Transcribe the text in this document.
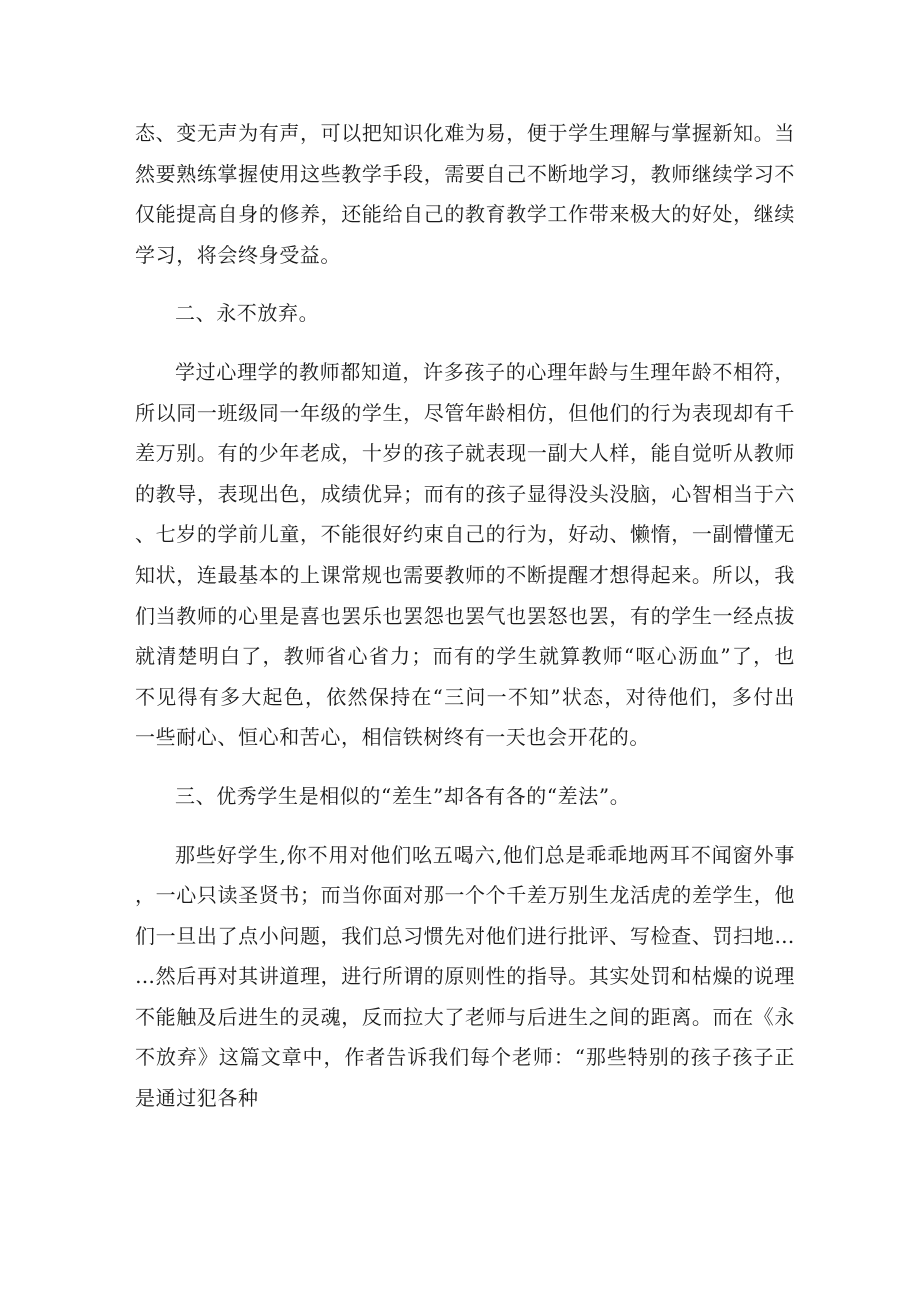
态、变无声为有声，可以把知识化难为易，便于学生理解与掌握新知。当然要熟练掌握使用这些教学手段，需要自己不断地学习，教师继续学习不仅能提高自身的修养，还能给自己的教育教学工作带来极大的好处，继续学习，将会终身受益。

二、永不放弃。

学过心理学的教师都知道，许多孩子的心理年龄与生理年龄不相符，所以同一班级同一年级的学生，尽管年龄相仿，但他们的行为表现却有千差万别。有的少年老成，十岁的孩子就表现一副大人样，能自觉听从教师的教导，表现出色，成绩优异；而有的孩子显得没头没脑，心智相当于六、七岁的学前儿童，不能很好约束自己的行为，好动、懒惰，一副懵懂无知状，连最基本的上课常规也需要教师的不断提醒才想得起来。所以，我们当教师的心里是喜也罢乐也罢怨也罢气也罢怒也罢，有的学生一经点拔就清楚明白了，教师省心省力；而有的学生就算教师“呕心沥血”了，也不见得有多大起色，依然保持在“三问一不知”状态，对待他们，多付出一些耐心、恒心和苦心，相信铁树终有一天也会开花的。

三、优秀学生是相似的“差生”却各有各的“差法”。

那些好学生,你不用对他们吆五喝六,他们总是乖乖地两耳不闻窗外事，一心只读圣贤书；而当你面对那一个个千差万别生龙活虎的差学生，他们一旦出了点小问题，我们总习惯先对他们进行批评、写检查、罚扫地……然后再对其讲道理，进行所谓的原则性的指导。其实处罚和枯燥的说理不能触及后进生的灵魂，反而拉大了老师与后进生之间的距离。而在《永不放弃》这篇文章中，作者告诉我们每个老师：“那些特别的孩子孩子正是通过犯各种
